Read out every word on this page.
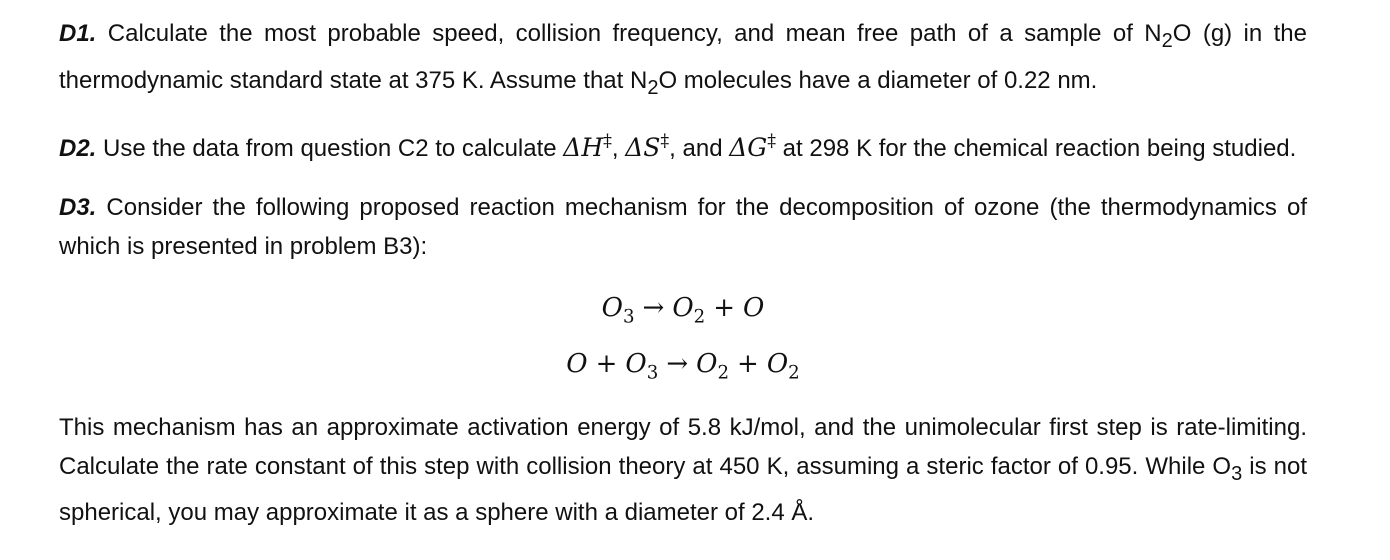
D1. Calculate the most probable speed, collision frequency, and mean free path of a sample of $N_2O$ (g) in the thermodynamic standard state at 375 K. Assume that $N_2O$ molecules have a diameter of 0.22 nm.

D2. Use the data from question C2 to calculate ΔH‡, ΔS‡, and ΔG‡ at 298 K for the chemical reaction being studied.

D3. Consider the following proposed reaction mechanism for the decomposition of ozone (the thermodynamics of which is presented in problem B3):

$O_3 \to O_2 + O$
$O + O_3 \to O_2 + O_2$

This mechanism has an approximate activation energy of 5.8 kJ/mol, and the unimolecular first step is rate-limiting. Calculate the rate constant of this step with collision theory at 450 K, assuming a steric factor of 0.95. While $O_3$ is not spherical, you may approximate it as a sphere with a diameter of 2.4 Å.
